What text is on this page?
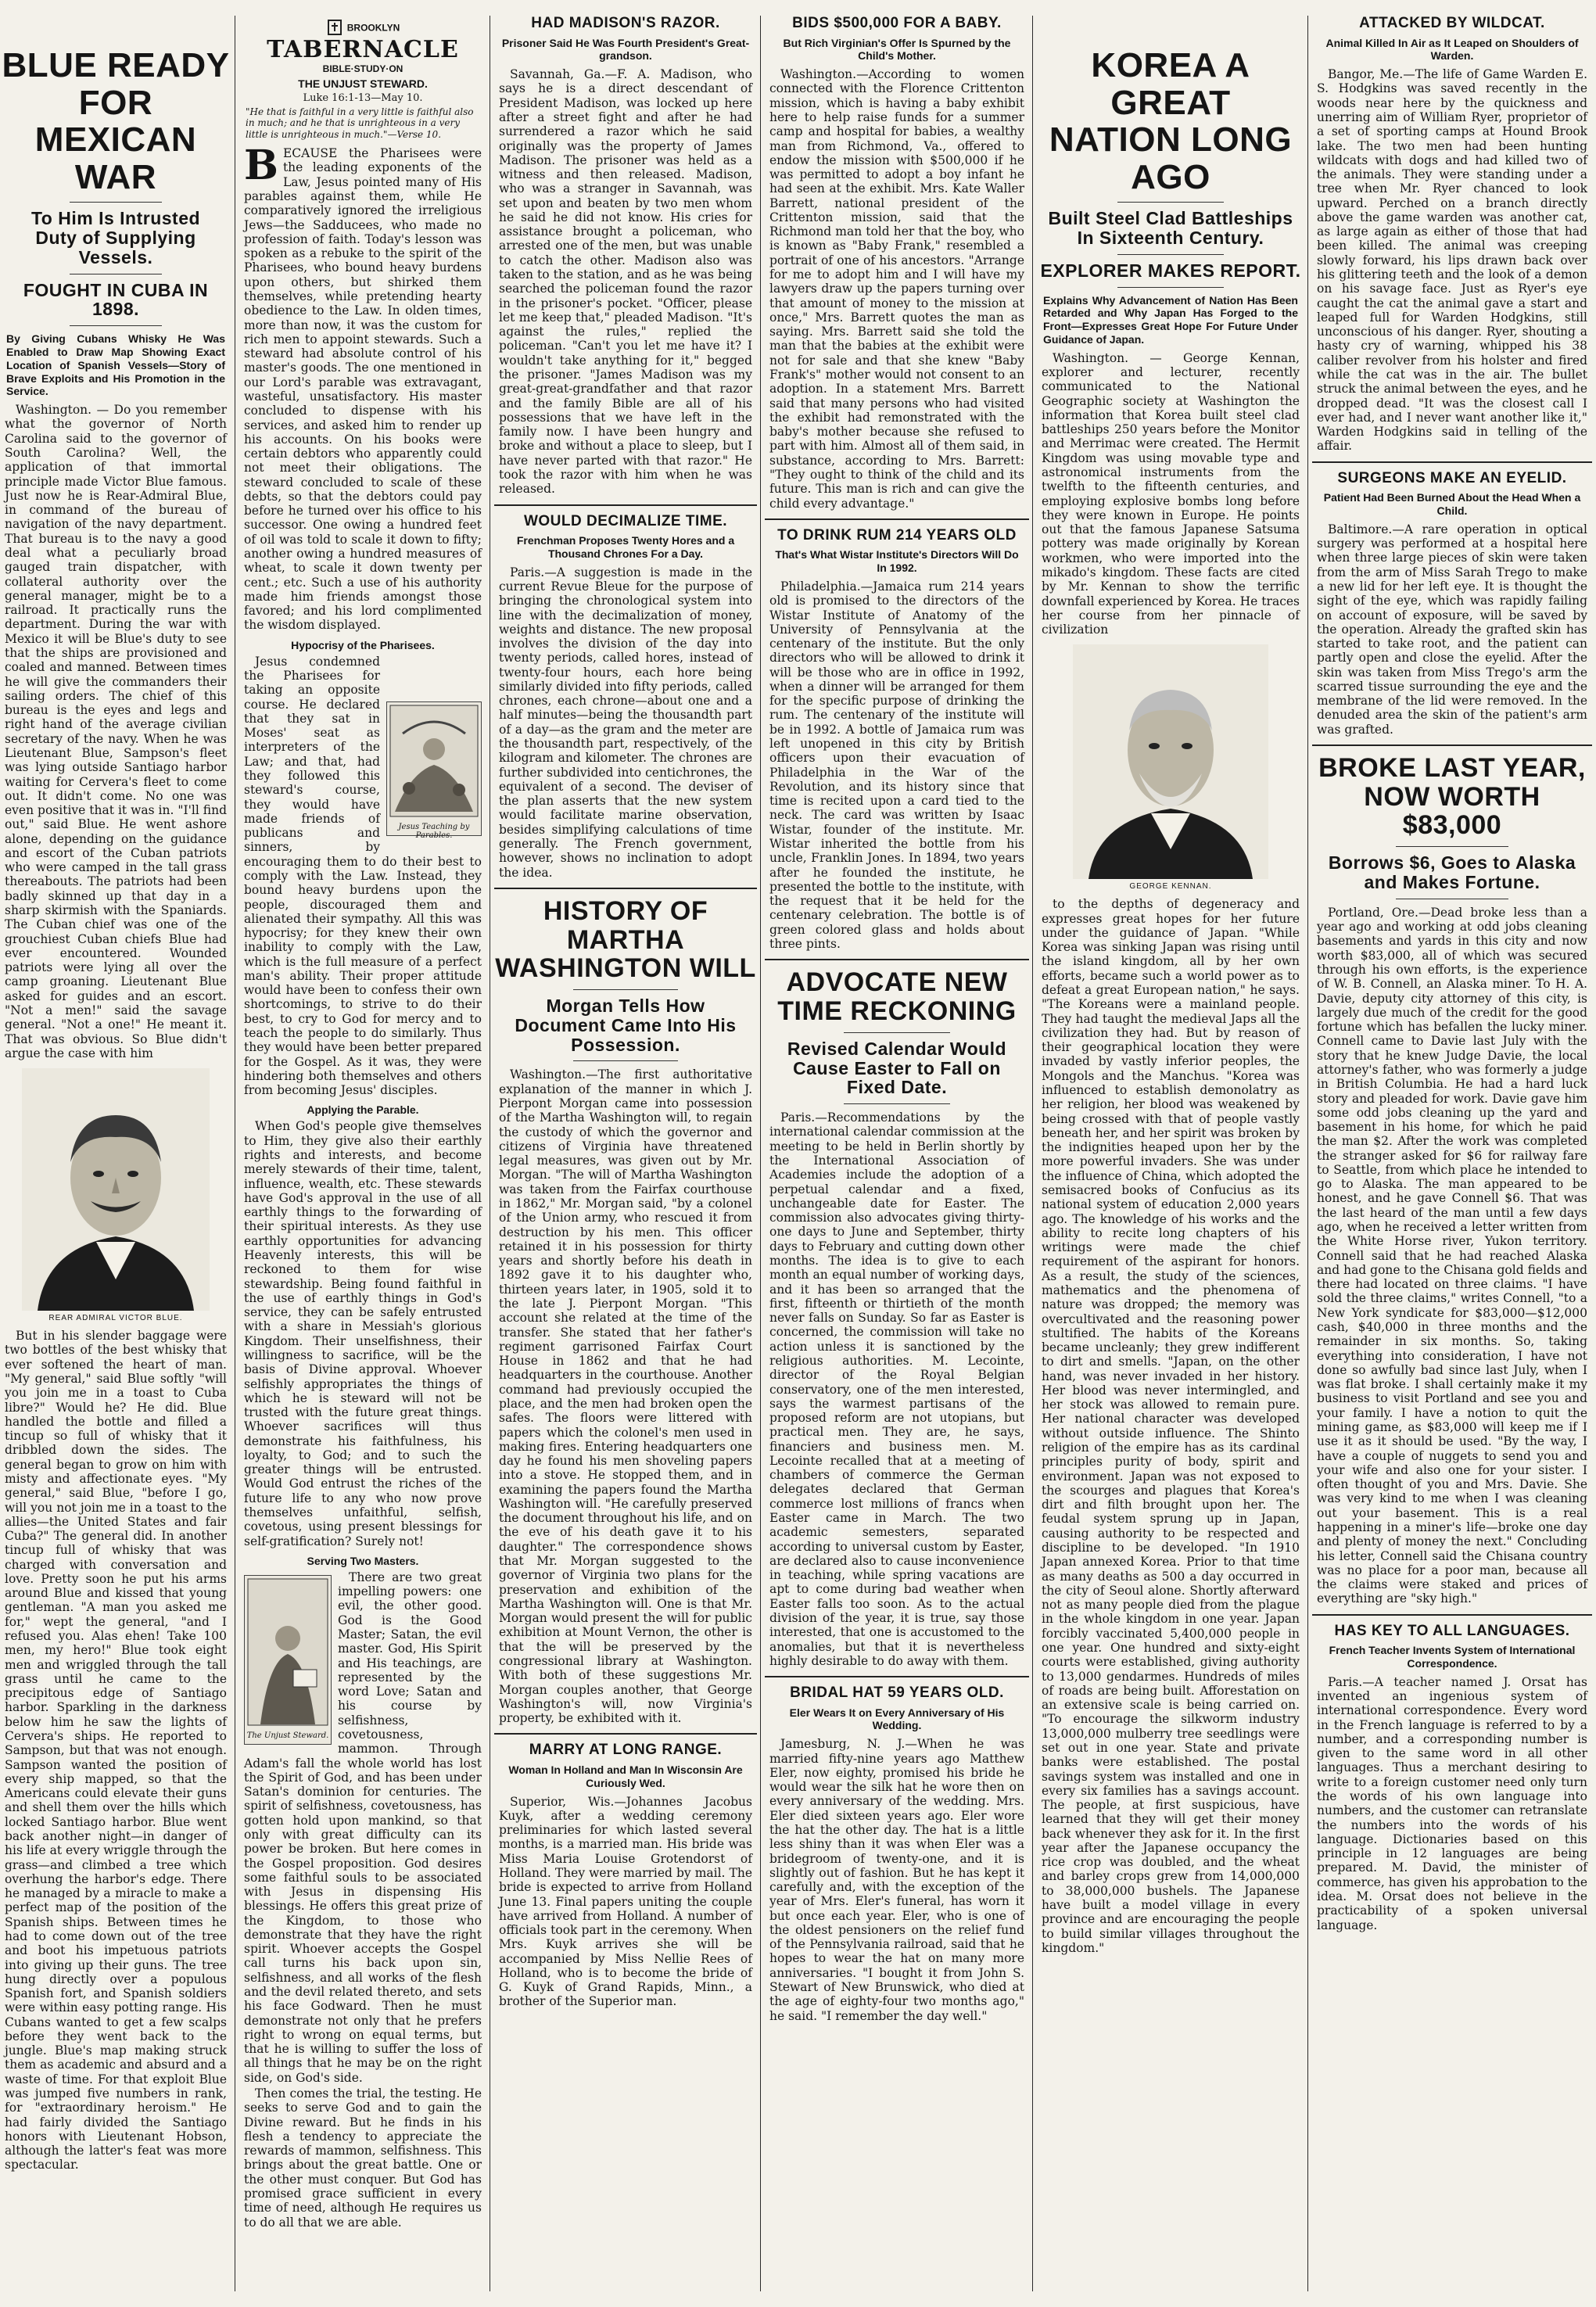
BLUE READY FOR
MEXICAN WAR
To Him Is Intrusted Duty of Supplying Vessels.
FOUGHT IN CUBA IN 1898.
By Giving Cubans Whisky He Was Enabled to Draw Map Showing Exact Location of Spanish Vessels—Story of Brave Exploits and His Promotion in the Service.

Washington. — Do you remember what the governor of North Carolina said to the governor of South Carolina? Well, the application of that immortal principle made Victor Blue famous. Just now he is Rear-Admiral Blue, in command of the bureau of navigation of the navy department. That bureau is to the navy a good deal what a peculiarly broad gauged train dispatcher, with collateral authority over the general manager, might be to a railroad. It practically runs the department. During the war with Mexico it will be Blue's duty to see that the ships are provisioned and coaled and manned. Between times he will give the commanders their sailing orders. The chief of this bureau is the eyes and legs and right hand of the average civilian secretary of the navy. When he was Lieutenant Blue, Sampson's fleet was lying outside Santiago harbor waiting for Cervera's fleet to come out. It didn't come. No one was even positive that it was in. "I'll find out," said Blue. He went ashore alone, depending on the guidance and escort of the Cuban patriots who were camped in the tall grass thereabouts. The patriots had been badly skinned up that day in a sharp skirmish with the Spaniards. The Cuban chief was one of the grouchiest Cuban chiefs Blue had ever encountered. Wounded patriots were lying all over the camp groaning. Lieutenant Blue asked for guides and an escort. "Not a men!" said the savage general. "Not a one!" He meant it. That was obvious. So Blue didn't argue the case with him

REAR ADMIRAL VICTOR BLUE.

But in his slender baggage were two bottles of the best whisky that ever softened the heart of man. "My general," said Blue softly "will you join me in a toast to Cuba libre?" Would he? He did. Blue handled the bottle and filled a tincup so full of whisky that it dribbled down the sides. The general began to grow on him with misty and affectionate eyes. "My general," said Blue, "before I go, will you not join me in a toast to the allies—the United States and fair Cuba?" The general did. In another tincup full of whisky that was charged with conversation and love. Pretty soon he put his arms around Blue and kissed that young gentleman. "A man you asked me for," wept the general, "and I refused you. Alas ehen! Take 100 men, my hero!" Blue took eight men and wriggled through the tall grass until he came to the precipitous edge of Santiago harbor. Sparkling in the darkness below him he saw the lights of Cervera's ships. He reported to Sampson, but that was not enough. Sampson wanted the position of every ship mapped, so that the Americans could elevate their guns and shell them over the hills which locked Santiago harbor. Blue went back another night—in danger of his life at every wriggle through the grass—and climbed a tree which overhung the harbor's edge. There he managed by a miracle to make a perfect map of the position of the Spanish ships. Between times he had to come down out of the tree and boot his impetuous patriots into giving up their guns. The tree hung directly over a populous Spanish fort, and Spanish soldiers were within easy potting range. His Cubans wanted to get a few scalps before they went back to the jungle. Blue's map making struck them as academic and absurd and a waste of time. For that exploit Blue was jumped five numbers in rank, for "extraordinary heroism." He had fairly divided the Santiago honors with Lieutenant Hobson, although the latter's feat was more spectacular.

BROOKLYN
TABERNACLE
BIBLE·STUDY·ON
THE UNJUST STEWARD.
Luke 16:1-13—May 10.
"He that is faithful in a very little is faithful also in much; and he that is unrighteous in a very little is unrighteous in much."—Verse 10.

BECAUSE the Pharisees were the leading exponents of the Law, Jesus pointed many of His parables against them, while He comparatively ignored the irreligious Jews—the Sadducees, who made no profession of faith. Today's lesson was spoken as a rebuke to the spirit of the Pharisees, who bound heavy burdens upon others, but shirked them themselves, while pretending hearty obedience to the Law. In olden times, more than now, it was the custom for rich men to appoint stewards. Such a steward had absolute control of his master's goods. The one mentioned in our Lord's parable was extravagant, wasteful, unsatisfactory. His master concluded to dispense with his services, and asked him to render up his accounts. On his books were certain debtors who apparently could not meet their obligations. The steward concluded to scale of these debts, so that the debtors could pay before he turned over his office to his successor. One owing a hundred feet of oil was told to scale it down to fifty; another owing a hundred measures of wheat, to scale it down twenty per cent.; etc. Such a use of his authority made him friends amongst those favored; and his lord complimented the wisdom displayed.

Hypocrisy of the Pharisees.
Jesus Teaching by Parables.

Jesus condemned the Pharisees for taking an opposite course. He declared that they sat in Moses' seat as interpreters of the Law; and that, had they followed this steward's course, they would have made friends of publicans and sinners, by encouraging them to do their best to comply with the Law. Instead, they bound heavy burdens upon the people, discouraged them and alienated their sympathy. All this was hypocrisy; for they knew their own inability to comply with the Law, which is the full measure of a perfect man's ability. Their proper attitude would have been to confess their own shortcomings, to strive to do their best, to cry to God for mercy and to teach the people to do similarly. Thus they would have been better prepared for the Gospel. As it was, they were hindering both themselves and others from becoming Jesus' disciples.

Applying the Parable.

When God's people give themselves to Him, they give also their earthly rights and interests, and become merely stewards of their time, talent, influence, wealth, etc. These stewards have God's approval in the use of all earthly things to the forwarding of their spiritual interests. As they use earthly opportunities for advancing Heavenly interests, this will be reckoned to them for wise stewardship. Being found faithful in the use of earthly things in God's service, they can be safely entrusted with a share in Messiah's glorious Kingdom. Their unselfishness, their willingness to sacrifice, will be the basis of Divine approval. Whoever selfishly appropriates the things of which he is steward will not be trusted with the future great things. Whoever sacrifices will thus demonstrate his faithfulness, his loyalty, to God; and to such the greater things will be entrusted. Would God entrust the riches of the future life to any who now prove themselves unfaithful, selfish, covetous, using present blessings for self-gratification? Surely not!

Serving Two Masters.
The Unjust Steward.

There are two great impelling powers: one evil, the other good. God is the Good Master; Satan, the evil master. God, His Spirit and His teachings, are represented by the word Love; Satan and his course by selfishness, covetousness, mammon. Through Adam's fall the whole world has lost the Spirit of God, and has been under Satan's dominion for centuries. The spirit of selfishness, covetousness, has gotten hold upon mankind, so that only with great difficulty can its power be broken. But here comes in the Gospel proposition. God desires some faithful souls to be associated with Jesus in dispensing His blessings. He offers this great prize of the Kingdom, to those who demonstrate that they have the right spirit. Whoever accepts the Gospel call turns his back upon sin, selfishness, and all works of the flesh and the devil related thereto, and sets his face Godward. Then he must demonstrate not only that he prefers right to wrong on equal terms, but that he is willing to suffer the loss of all things that he may be on the right side, on God's side.

Then comes the trial, the testing. He seeks to serve God and to gain the Divine reward. But he finds in his flesh a tendency to appreciate the rewards of mammon, selfishness. This brings about the great battle. One or the other must conquer. But God has promised grace sufficient in every time of need, although He requires us to do all that we are able.

HAD MADISON'S RAZOR.
Prisoner Said He Was Fourth President's Great-grandson.

Savannah, Ga.—F. A. Madison, who says he is a direct descendant of President Madison, was locked up here after a street fight and after he had surrendered a razor which he said originally was the property of James Madison. The prisoner was held as a witness and then released. Madison, who was a stranger in Savannah, was set upon and beaten by two men whom he said he did not know. His cries for assistance brought a policeman, who arrested one of the men, but was unable to catch the other. Madison also was taken to the station, and as he was being searched the policeman found the razor in the prisoner's pocket. "Officer, please let me keep that," pleaded Madison. "It's against the rules," replied the policeman. "Can't you let me have it? I wouldn't take anything for it," begged the prisoner. "James Madison was my great-great-grandfather and that razor and the family Bible are all of his possessions that we have left in the family now. I have been hungry and broke and without a place to sleep, but I have never parted with that razor." He took the razor with him when he was released.

WOULD DECIMALIZE TIME.
Frenchman Proposes Twenty Hores and a Thousand Chrones For a Day.

Paris.—A suggestion is made in the current Revue Bleue for the purpose of bringing the chronological system into line with the decimalization of money, weights and distance. The new proposal involves the division of the day into twenty periods, called hores, instead of twenty-four hours, each hore being similarly divided into fifty periods, called chrones, each chrone—about one and a half minutes—being the thousandth part of a day—as the gram and the meter are the thousandth part, respectively, of the kilogram and kilometer. The chrones are further subdivided into centichrones, the equivalent of a second. The deviser of the plan asserts that the new system would facilitate marine observation, besides simplifying calculations of time generally. The French government, however, shows no inclination to adopt the idea.

HISTORY OF MARTHA
WASHINGTON WILL
Morgan Tells How Document Came Into His Possession.

Washington.—The first authoritative explanation of the manner in which J. Pierpont Morgan came into possession of the Martha Washington will, to regain the custody of which the governor and citizens of Virginia have threatened legal measures, was given out by Mr. Morgan. "The will of Martha Washington was taken from the Fairfax courthouse in 1862," Mr. Morgan said, "by a colonel of the Union army, who rescued it from destruction by his men. This officer retained it in his possession for thirty years and shortly before his death in 1892 gave it to his daughter who, thirteen years later, in 1905, sold it to the late J. Pierpont Morgan. "This account she related at the time of the transfer. She stated that her father's regiment garrisoned Fairfax Court House in 1862 and that he had headquarters in the courthouse. Another command had previously occupied the place, and the men had broken open the safes. The floors were littered with papers which the colonel's men used in making fires. Entering headquarters one day he found his men shoveling papers into a stove. He stopped them, and in examining the papers found the Martha Washington will. "He carefully preserved the document throughout his life, and on the eve of his death gave it to his daughter." The correspondence shows that Mr. Morgan suggested to the governor of Virginia two plans for the preservation and exhibition of the Martha Washington will. One is that Mr. Morgan would present the will for public exhibition at Mount Vernon, the other is that the will be preserved by the congressional library at Washington. With both of these suggestions Mr. Morgan couples another, that George Washington's will, now Virginia's property, be exhibited with it.

MARRY AT LONG RANGE.
Woman In Holland and Man In Wisconsin Are Curiously Wed.

Superior, Wis.—Johannes Jacobus Kuyk, after a wedding ceremony preliminaries for which lasted several months, is a married man. His bride was Miss Maria Louise Grotendorst of Holland. They were married by mail. The bride is expected to arrive from Holland June 13. Final papers uniting the couple have arrived from Holland. A number of officials took part in the ceremony. When Mrs. Kuyk arrives she will be accompanied by Miss Nellie Rees of Holland, who is to become the bride of G. Kuyk of Grand Rapids, Minn., a brother of the Superior man.

BIDS $500,000 FOR A BABY.
But Rich Virginian's Offer Is Spurned by the Child's Mother.

Washington.—According to women connected with the Florence Crittenton mission, which is having a baby exhibit here to help raise funds for a summer camp and hospital for babies, a wealthy man from Richmond, Va., offered to endow the mission with $500,000 if he was permitted to adopt a boy infant he had seen at the exhibit. Mrs. Kate Waller Barrett, national president of the Crittenton mission, said that the Richmond man told her that the boy, who is known as "Baby Frank," resembled a portrait of one of his ancestors. "Arrange for me to adopt him and I will have my lawyers draw up the papers turning over that amount of money to the mission at once," Mrs. Barrett quotes the man as saying. Mrs. Barrett said she told the man that the babies at the exhibit were not for sale and that she knew "Baby Frank's" mother would not consent to an adoption. In a statement Mrs. Barrett said that many persons who had visited the exhibit had remonstrated with the baby's mother because she refused to part with him. Almost all of them said, in substance, according to Mrs. Barrett: "They ought to think of the child and its future. This man is rich and can give the child every advantage."

TO DRINK RUM 214 YEARS OLD
That's What Wistar Institute's Directors Will Do In 1992.

Philadelphia.—Jamaica rum 214 years old is promised to the directors of the Wistar Institute of Anatomy of the University of Pennsylvania at the centenary of the institute. But the only directors who will be allowed to drink it will be those who are in office in 1992, when a dinner will be arranged for them for the specific purpose of drinking the rum. The centenary of the institute will be in 1992. A bottle of Jamaica rum was left unopened in this city by British officers upon their evacuation of Philadelphia in the War of the Revolution, and its history since that time is recited upon a card tied to the neck. The card was written by Isaac Wistar, founder of the institute. Mr. Wistar inherited the bottle from his uncle, Franklin Jones. In 1894, two years after he founded the institute, he presented the bottle to the institute, with the request that it be held for the centenary celebration. The bottle is of green colored glass and holds about three pints.

ADVOCATE NEW
TIME RECKONING
Revised Calendar Would Cause Easter to Fall on Fixed Date.

Paris.—Recommendations by the international calendar commission at the meeting to be held in Berlin shortly by the International Association of Academies include the adoption of a perpetual calendar and a fixed, unchangeable date for Easter. The commission also advocates giving thirty-one days to June and September, thirty days to February and cutting down other months. The idea is to give to each month an equal number of working days, and it has been so arranged that the first, fifteenth or thirtieth of the month never falls on Sunday. So far as Easter is concerned, the commission will take no action unless it is sanctioned by the religious authorities. M. Lecointe, director of the Royal Belgian conservatory, one of the men interested, says the warmest partisans of the proposed reform are not utopians, but practical men. They are, he says, financiers and business men. M. Lecointe recalled that at a meeting of chambers of commerce the German delegates declared that German commerce lost millions of francs when Easter came in March. The two academic semesters, separated according to universal custom by Easter, are declared also to cause inconvenience in teaching, while spring vacations are apt to come during bad weather when Easter falls too soon. As to the actual division of the year, it is true, say those interested, that one is accustomed to the anomalies, but that it is nevertheless highly desirable to do away with them.

BRIDAL HAT 59 YEARS OLD.
Eler Wears It on Every Anniversary of His Wedding.

Jamesburg, N. J.—When he was married fifty-nine years ago Matthew Eler, now eighty, promised his bride he would wear the silk hat he wore then on every anniversary of the wedding. Mrs. Eler died sixteen years ago. Eler wore the hat the other day. The hat is a little less shiny than it was when Eler was a bridegroom of twenty-one, and it is slightly out of fashion. But he has kept it carefully and, with the exception of the year of Mrs. Eler's funeral, has worn it but once each year. Eler, who is one of the oldest pensioners on the relief fund of the Pennsylvania railroad, said that he hopes to wear the hat on many more anniversaries. "I bought it from John S. Stewart of New Brunswick, who died at the age of eighty-four two months ago," he said. "I remember the day well."

KOREA A GREAT
NATION LONG AGO
Built Steel Clad Battleships In Sixteenth Century.
EXPLORER MAKES REPORT.
Explains Why Advancement of Nation Has Been Retarded and Why Japan Has Forged to the Front—Expresses Great Hope For Future Under Guidance of Japan.

Washington. — George Kennan, explorer and lecturer, recently communicated to the National Geographic society at Washington the information that Korea built steel clad battleships 250 years before the Monitor and Merrimac were created. The Hermit Kingdom was using movable type and astronomical instruments from the twelfth to the fifteenth centuries, and employing explosive bombs long before they were known in Europe. He points out that the famous Japanese Satsuma pottery was made originally by Korean workmen, who were imported into the mikado's kingdom. These facts are cited by Mr. Kennan to show the terrific downfall experienced by Korea. He traces her course from her pinnacle of civilization

GEORGE KENNAN.

to the depths of degeneracy and expresses great hopes for her future under the guidance of Japan. "While Korea was sinking Japan was rising until the island kingdom, all by her own efforts, became such a world power as to defeat a great European nation," he says. "The Koreans were a mainland people. They had taught the medieval Japs all the civilization they had. But by reason of their geographical location they were invaded by vastly inferior peoples, the Mongols and the Manchus. "Korea was influenced to establish demonolatry as her religion, her blood was weakened by being crossed with that of people vastly beneath her, and her spirit was broken by the indignities heaped upon her by the more powerful invaders. She was under the influence of China, which adopted the semisacred books of Confucius as its national system of education 2,000 years ago. The knowledge of his works and the ability to recite long chapters of his writings were made the chief requirement of the aspirant for honors. As a result, the study of the sciences, mathematics and the phenomena of nature was dropped; the memory was overcultivated and the reasoning power stultified. The habits of the Koreans became uncleanly; they grew indifferent to dirt and smells. "Japan, on the other hand, was never invaded in her history. Her blood was never intermingled, and her stock was allowed to remain pure. Her national character was developed without outside influence. The Shinto religion of the empire has as its cardinal principles purity of body, spirit and environment. Japan was not exposed to the scourges and plagues that Korea's dirt and filth brought upon her. The feudal system sprung up in Japan, causing authority to be respected and discipline to be developed. "In 1910 Japan annexed Korea. Prior to that time as many deaths as 500 a day occurred in the city of Seoul alone. Shortly afterward not as many people died from the plague in the whole kingdom in one year. Japan forcibly vaccinated 5,400,000 people in one year. One hundred and sixty-eight courts were established, giving authority to 13,000 gendarmes. Hundreds of miles of roads are being built. Afforestation on an extensive scale is being carried on. "To encourage the silkworm industry 13,000,000 mulberry tree seedlings were set out in one year. State and private banks were established. The postal savings system was installed and one in every six families has a savings account. The people, at first suspicious, have learned that they will get their money back whenever they ask for it. In the first year after the Japanese occupancy the rice crop was doubled, and the wheat and barley crops grew from 14,000,000 to 38,000,000 bushels. The Japanese have built a model village in every province and are encouraging the people to build similar villages throughout the kingdom."

ATTACKED BY WILDCAT.
Animal Killed In Air as It Leaped on Shoulders of Warden.

Bangor, Me.—The life of Game Warden E. S. Hodgkins was saved recently in the woods near here by the quickness and unerring aim of William Ryer, proprietor of a set of sporting camps at Hound Brook lake. The two men had been hunting wildcats with dogs and had killed two of the animals. They were standing under a tree when Mr. Ryer chanced to look upward. Perched on a branch directly above the game warden was another cat, as large again as either of those that had been killed. The animal was creeping slowly forward, his lips drawn back over his glittering teeth and the look of a demon on his savage face. Just as Ryer's eye caught the cat the animal gave a start and leaped full for Warden Hodgkins, still unconscious of his danger. Ryer, shouting a hasty cry of warning, whipped his 38 caliber revolver from his holster and fired while the cat was in the air. The bullet struck the animal between the eyes, and he dropped dead. "It was the closest call I ever had, and I never want another like it," Warden Hodgkins said in telling of the affair.

SURGEONS MAKE AN EYELID.
Patient Had Been Burned About the Head When a Child.

Baltimore.—A rare operation in optical surgery was performed at a hospital here when three large pieces of skin were taken from the arm of Miss Sarah Trego to make a new lid for her left eye. It is thought the sight of the eye, which was rapidly failing on account of exposure, will be saved by the operation. Already the grafted skin has started to take root, and the patient can partly open and close the eyelid. After the skin was taken from Miss Trego's arm the scarred tissue surrounding the eye and the membrane of the lid were removed. In the denuded area the skin of the patient's arm was grafted.

BROKE LAST YEAR,
NOW WORTH $83,000
Borrows $6, Goes to Alaska and Makes Fortune.

Portland, Ore.—Dead broke less than a year ago and working at odd jobs cleaning basements and yards in this city and now worth $83,000, all of which was secured through his own efforts, is the experience of W. B. Connell, an Alaska miner. To H. A. Davie, deputy city attorney of this city, is largely due much of the credit for the good fortune which has befallen the lucky miner. Connell came to Davie last July with the story that he knew Judge Davie, the local attorney's father, who was formerly a judge in British Columbia. He had a hard luck story and pleaded for work. Davie gave him some odd jobs cleaning up the yard and basement in his home, for which he paid the man $2. After the work was completed the stranger asked for $6 for railway fare to Seattle, from which place he intended to go to Alaska. The man appeared to be honest, and he gave Connell $6. That was the last heard of the man until a few days ago, when he received a letter written from the White Horse river, Yukon territory. Connell said that he had reached Alaska and had gone to the Chisana gold fields and there had located on three claims. "I have sold the three claims," writes Connell, "to a New York syndicate for $83,000—$12,000 cash, $40,000 in three months and the remainder in six months. So, taking everything into consideration, I have not done so awfully bad since last July, when I was flat broke. I shall certainly make it my business to visit Portland and see you and your family. I have a notion to quit the mining game, as $83,000 will keep me if I use it as it should be used. "By the way, I have a couple of nuggets to send you and your wife and also one for your sister. I often thought of you and Mrs. Davie. She was very kind to me when I was cleaning out your basement. This is a real happening in a miner's life—broke one day and plenty of money the next." Concluding his letter, Connell said the Chisana country was no place for a poor man, because all the claims were staked and prices of everything are "sky high."

HAS KEY TO ALL LANGUAGES.
French Teacher Invents System of International Correspondence.

Paris.—A teacher named J. Orsat has invented an ingenious system of international correspondence. Every word in the French language is referred to by a number, and a corresponding number is given to the same word in all other languages. Thus a merchant desiring to write to a foreign customer need only turn the words of his own language into numbers, and the customer can retranslate the numbers into the words of his language. Dictionaries based on this principle in 12 languages are being prepared. M. David, the minister of commerce, has given his approbation to the idea. M. Orsat does not believe in the practicability of a spoken universal language.
